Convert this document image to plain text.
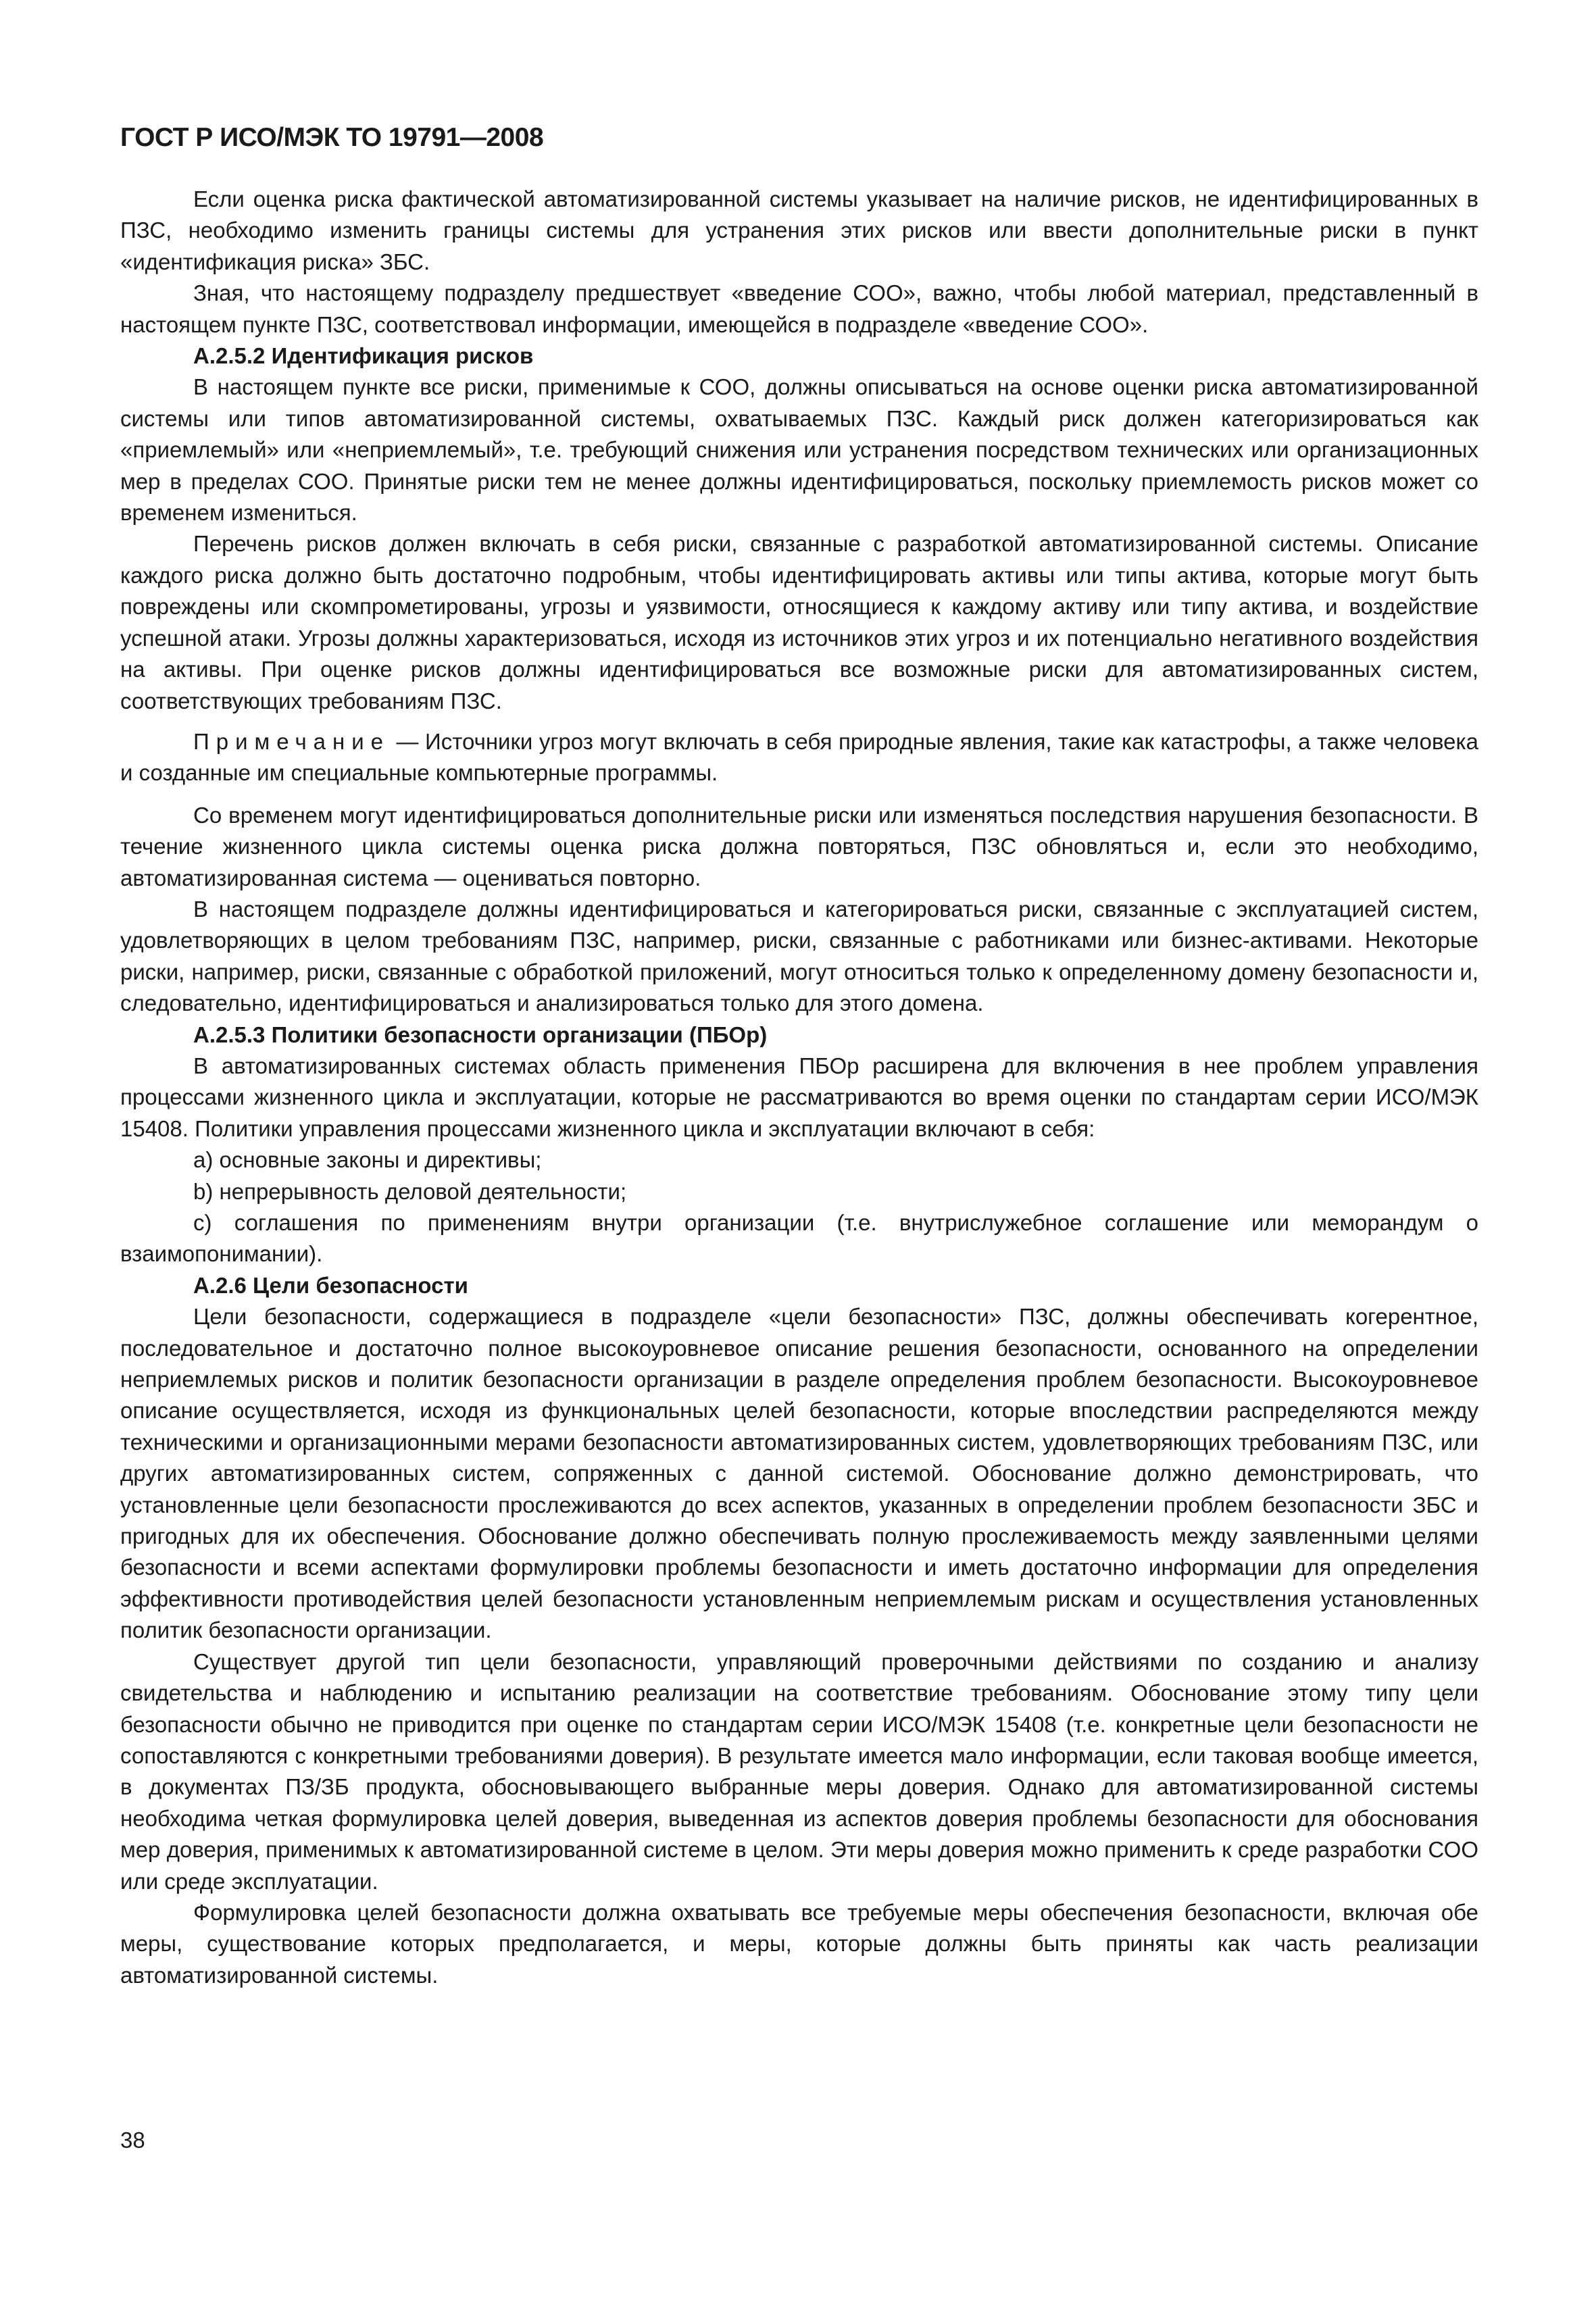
ГОСТ Р ИСО/МЭК ТО 19791—2008

Если оценка риска фактической автоматизированной системы указывает на наличие рисков, не идентифицированных в ПЗС, необходимо изменить границы системы для устранения этих рисков или ввести дополнительные риски в пункт «идентификация риска» ЗБС.

Зная, что настоящему подразделу предшествует «введение СОО», важно, чтобы любой материал, представленный в настоящем пункте ПЗС, соответствовал информации, имеющейся в подразделе «введение СОО».

А.2.5.2 Идентификация рисков

В настоящем пункте все риски, применимые к СОО, должны описываться на основе оценки риска автоматизированной системы или типов автоматизированной системы, охватываемых ПЗС. Каждый риск должен категоризироваться как «приемлемый» или «неприемлемый», т.е. требующий снижения или устранения посредством технических или организационных мер в пределах СОО. Принятые риски тем не менее должны идентифицироваться, поскольку приемлемость рисков может со временем измениться.

Перечень рисков должен включать в себя риски, связанные с разработкой автоматизированной системы. Описание каждого риска должно быть достаточно подробным, чтобы идентифицировать активы или типы актива, которые могут быть повреждены или скомпрометированы, угрозы и уязвимости, относящиеся к каждому активу или типу актива, и воздействие успешной атаки. Угрозы должны характеризоваться, исходя из источников этих угроз и их потенциально негативного воздействия на активы. При оценке рисков должны идентифицироваться все возможные риски для автоматизированных систем, соответствующих требованиям ПЗС.

Примечание — Источники угроз могут включать в себя природные явления, такие как катастрофы, а также человека и созданные им специальные компьютерные программы.

Со временем могут идентифицироваться дополнительные риски или изменяться последствия нарушения безопасности. В течение жизненного цикла системы оценка риска должна повторяться, ПЗС обновляться и, если это необходимо, автоматизированная система — оцениваться повторно.

В настоящем подразделе должны идентифицироваться и категорироваться риски, связанные с эксплуатацией систем, удовлетворяющих в целом требованиям ПЗС, например, риски, связанные с работниками или бизнес-активами. Некоторые риски, например, риски, связанные с обработкой приложений, могут относиться только к определенному домену безопасности и, следовательно, идентифицироваться и анализироваться только для этого домена.

А.2.5.3 Политики безопасности организации (ПБОр)

В автоматизированных системах область применения ПБОр расширена для включения в нее проблем управления процессами жизненного цикла и эксплуатации, которые не рассматриваются во время оценки по стандартам серии ИСО/МЭК 15408. Политики управления процессами жизненного цикла и эксплуатации включают в себя:

a) основные законы и директивы;

b) непрерывность деловой деятельности;

c) соглашения по применениям внутри организации (т.е. внутрислужебное соглашение или меморандум о взаимопонимании).

А.2.6 Цели безопасности

Цели безопасности, содержащиеся в подразделе «цели безопасности» ПЗС, должны обеспечивать когерентное, последовательное и достаточно полное высокоуровневое описание решения безопасности, основанного на определении неприемлемых рисков и политик безопасности организации в разделе определения проблем безопасности. Высокоуровневое описание осуществляется, исходя из функциональных целей безопасности, которые впоследствии распределяются между техническими и организационными мерами безопасности автоматизированных систем, удовлетворяющих требованиям ПЗС, или других автоматизированных систем, сопряженных с данной системой. Обоснование должно демонстрировать, что установленные цели безопасности прослеживаются до всех аспектов, указанных в определении проблем безопасности ЗБС и пригодных для их обеспечения. Обоснование должно обеспечивать полную прослеживаемость между заявленными целями безопасности и всеми аспектами формулировки проблемы безопасности и иметь достаточно информации для определения эффективности противодействия целей безопасности установленным неприемлемым рискам и осуществления установленных политик безопасности организации.

Существует другой тип цели безопасности, управляющий проверочными действиями по созданию и анализу свидетельства и наблюдению и испытанию реализации на соответствие требованиям. Обоснование этому типу цели безопасности обычно не приводится при оценке по стандартам серии ИСО/МЭК 15408 (т.е. конкретные цели безопасности не сопоставляются с конкретными требованиями доверия). В результате имеется мало информации, если таковая вообще имеется, в документах ПЗ/ЗБ продукта, обосновывающего выбранные меры доверия. Однако для автоматизированной системы необходима четкая формулировка целей доверия, выведенная из аспектов доверия проблемы безопасности для обоснования мер доверия, применимых к автоматизированной системе в целом. Эти меры доверия можно применить к среде разработки СОО или среде эксплуатации.

Формулировка целей безопасности должна охватывать все требуемые меры обеспечения безопасности, включая обе меры, существование которых предполагается, и меры, которые должны быть приняты как часть реализации автоматизированной системы.

38
